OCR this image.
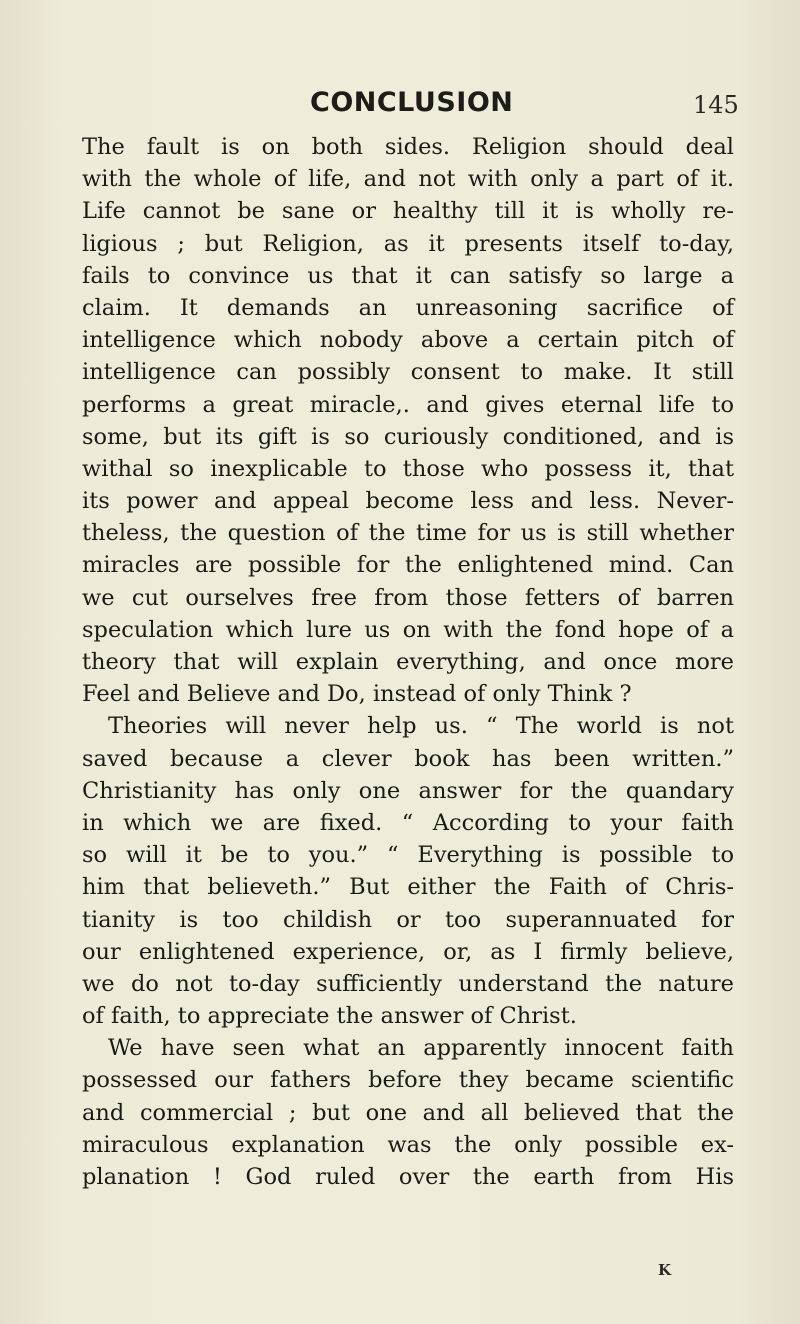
CONCLUSION	145
The fault is on both sides. Religion should deal
with the whole of life, and not with only a part of it.
Life cannot be sane or healthy till it is wholly re-
ligious ; but Religion, as it presents itself to-day,
fails to convince us that it can satisfy so large a
claim. It demands an unreasoning sacrifice of
intelligence which nobody above a certain pitch of
intelligence can possibly consent to make. It still
performs a great miracle,. and gives eternal life to
some, but its gift is so curiously conditioned, and is
withal so inexplicable to those who possess it, that
its power and appeal become less and less. Never-
theless, the question of the time for us is still whether
miracles are possible for the enlightened mind. Can
we cut ourselves free from those fetters of barren
speculation which lure us on with the fond hope of a
theory that will explain everything, and once more
Feel and Believe and Do, instead of only Think ?
Theories will never help us. “ The world is not
saved because a clever book has been written.”
Christianity has only one answer for the quandary
in which we are fixed. “ According to your faith
so will it be to you.” “ Everything is possible to
him that believeth.” But either the Faith of Chris-
tianity is too childish or too superannuated for
our enlightened experience, or, as I firmly believe,
we do not to-day sufficiently understand the nature
of faith, to appreciate the answer of Christ.
We have seen what an apparently innocent faith
possessed our fathers before they became scientific
and commercial ; but one and all believed that the
miraculous explanation was the only possible ex-
planation ! God ruled over the earth from His
K
